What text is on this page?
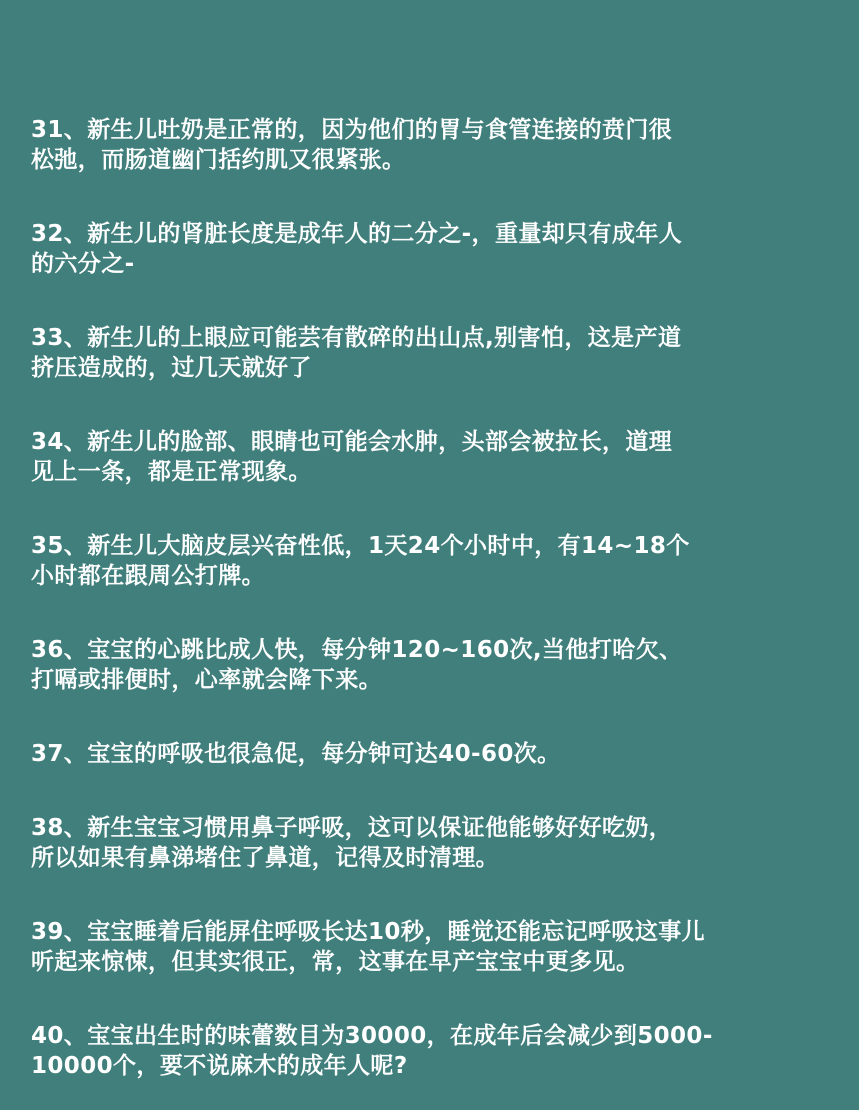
31、新生儿吐奶是正常的，因为他们的胃与食管连接的贲门很
松弛，而肠道幽门括约肌又很紧张。
32、新生儿的肾脏长度是成年人的二分之-，重量却只有成年人
的六分之-
33、新生儿的上眼应可能芸有散碎的出山点,别害怕，这是产道
挤压造成的，过几天就好了
34、新生儿的脸部、眼睛也可能会水肿，头部会被拉长，道理
见上一条，都是正常现象。
35、新生儿大脑皮层兴奋性低，1天24个小时中，有14~18个
小时都在跟周公打牌。
36、宝宝的心跳比成人快，每分钟120~160次,当他打哈欠、
打嗝或排便时，心率就会降下来。
37、宝宝的呼吸也很急促，每分钟可达40-60次。
38、新生宝宝习惯用鼻子呼吸，这可以保证他能够好好吃奶，
所以如果有鼻涕堵住了鼻道，记得及时清理。
39、宝宝睡着后能屏住呼吸长达10秒，睡觉还能忘记呼吸这事儿
听起来惊悚，但其实很正，常，这事在早产宝宝中更多见。
40、宝宝出生时的味蕾数目为30000，在成年后会减少到5000-
10000个，要不说麻木的成年人呢?
